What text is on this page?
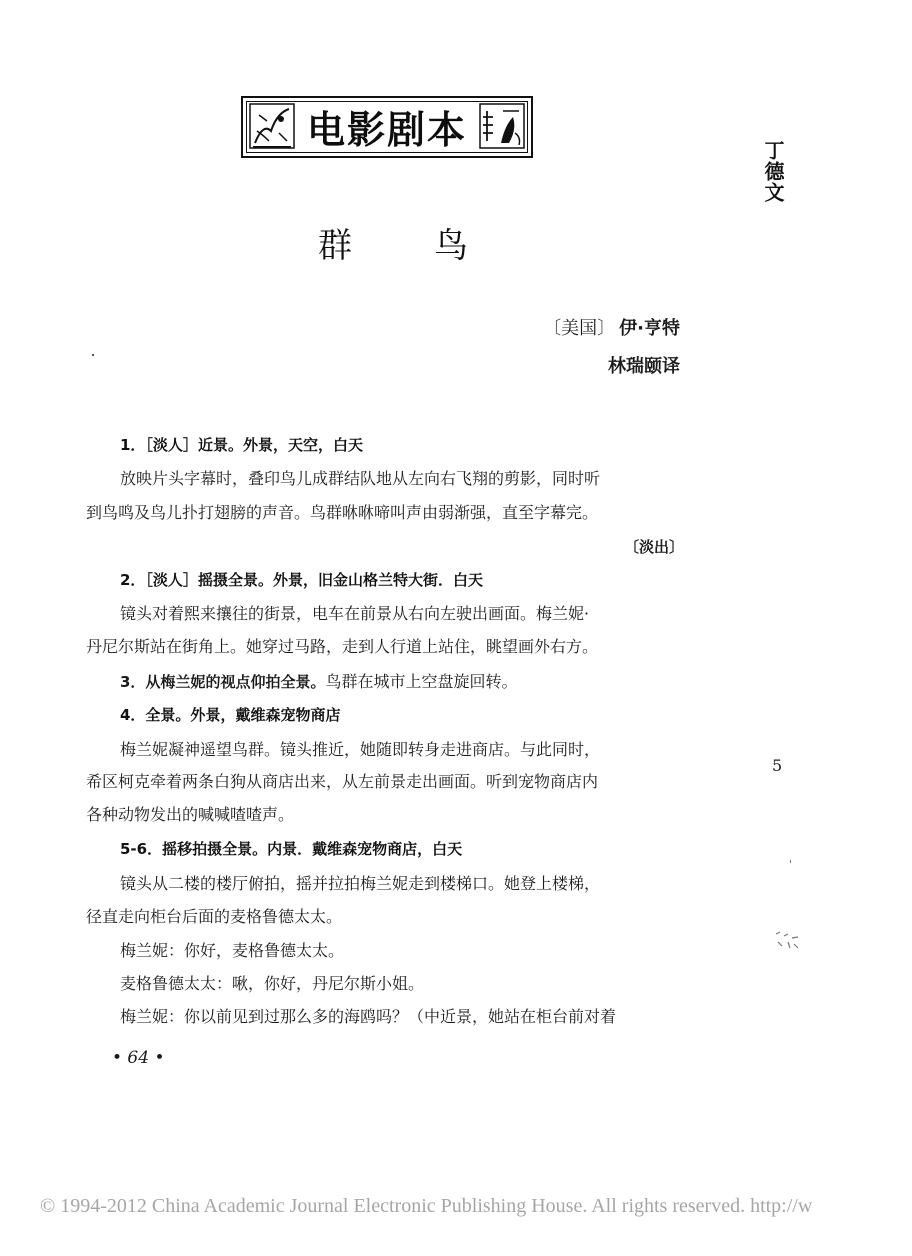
电影剧本
丁德文
群 鸟
〔美国〕 伊·亨特
林瑞颐译
1．［淡人］近景。外景，天空，白天
放映片头字幕时，叠印鸟儿成群结队地从左向右飞翔的剪影，同时听
到鸟鸣及鸟儿扑打翅膀的声音。鸟群咻咻啼叫声由弱渐强，直至字幕完。
〔淡出〕
2．［淡人］摇摄全景。外景，旧金山格兰特大街．白天
镜头对着熙来攘往的街景，电车在前景从右向左驶出画面。梅兰妮·
丹尼尔斯站在街角上。她穿过马路，走到人行道上站住，眺望画外右方。
3．从梅兰妮的视点仰拍全景。鸟群在城市上空盘旋回转。
4．全景。外景，戴维森宠物商店
梅兰妮凝神遥望鸟群。镜头推近，她随即转身走进商店。与此同时，
希区柯克牵着两条白狗从商店出来，从左前景走出画面。听到宠物商店内
各种动物发出的喊喊喳喳声。
5-6．摇移拍摄全景。内景．戴维森宠物商店，白天
镜头从二楼的楼厅俯拍，摇并拉拍梅兰妮走到楼梯口。她登上楼梯，
径直走向柜台后面的麦格鲁德太太。
梅兰妮：你好，麦格鲁德太太。
麦格鲁德太太：啾，你好，丹尼尔斯小姐。
梅兰妮：你以前见到过那么多的海鸥吗？（中近景，她站在柜台前对着
5
• 64 •
© 1994-2012 China Academic Journal Electronic Publishing House. All rights reserved. http://w
